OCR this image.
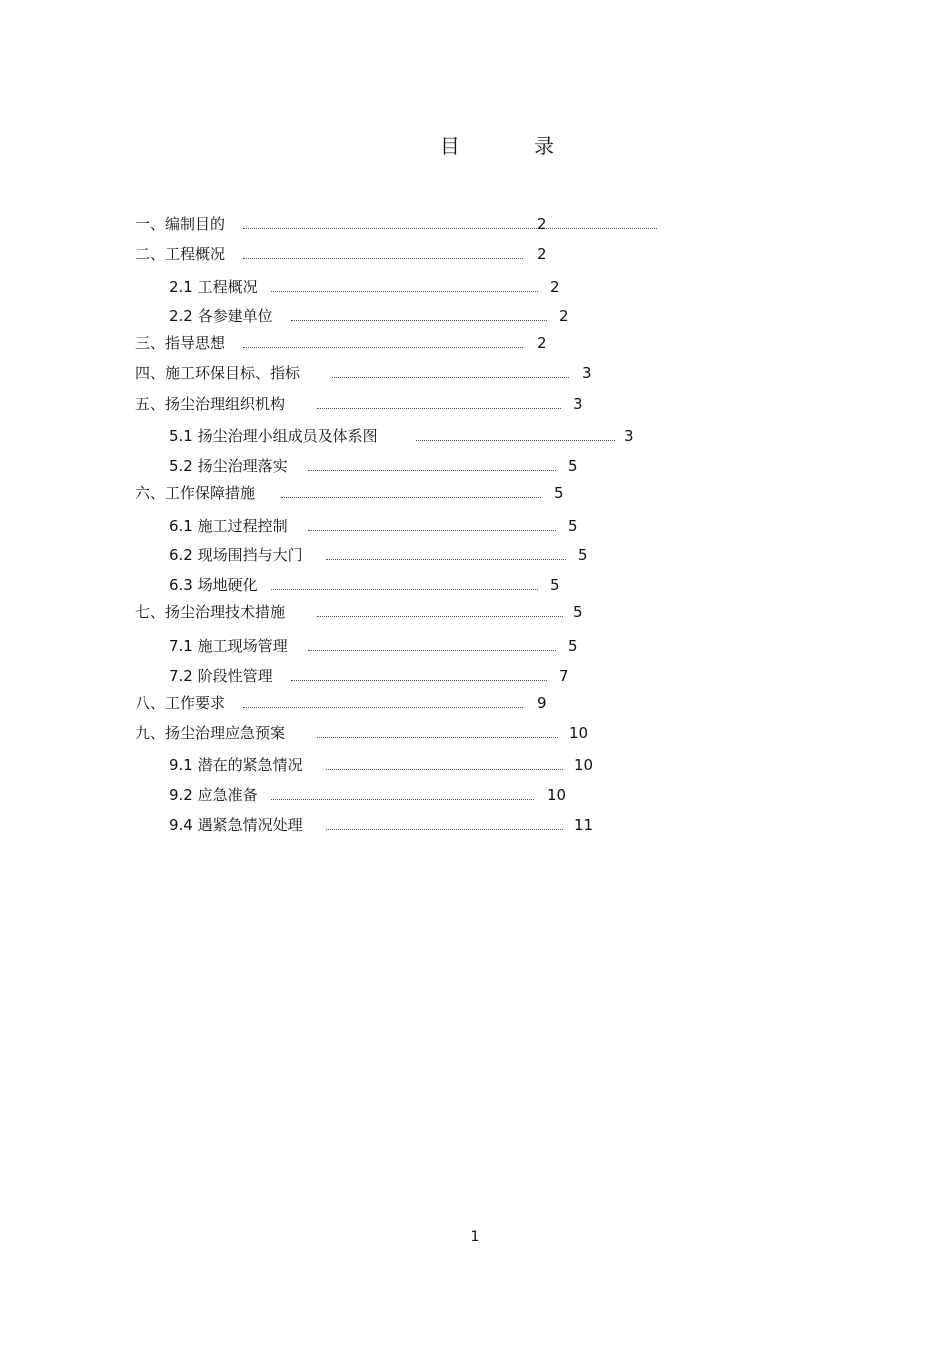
目 录
一、编制目的	2
二、工程概况	2
2.1 工程概况	2
2.2 各参建单位	2
三、指导思想	2
四、施工环保目标、指标	3
五、扬尘治理组织机构	3
5.1 扬尘治理小组成员及体系图	3
5.2 扬尘治理落实	5
六、工作保障措施	5
6.1 施工过程控制	5
6.2 现场围挡与大门	5
6.3 场地硬化	5
七、扬尘治理技术措施	5
7.1 施工现场管理	5
7.2 阶段性管理	7
八、工作要求	9
九、扬尘治理应急预案	10
9.1 潜在的紧急情况	10
9.2 应急准备	10
9.4 遇紧急情况处理	11
1
